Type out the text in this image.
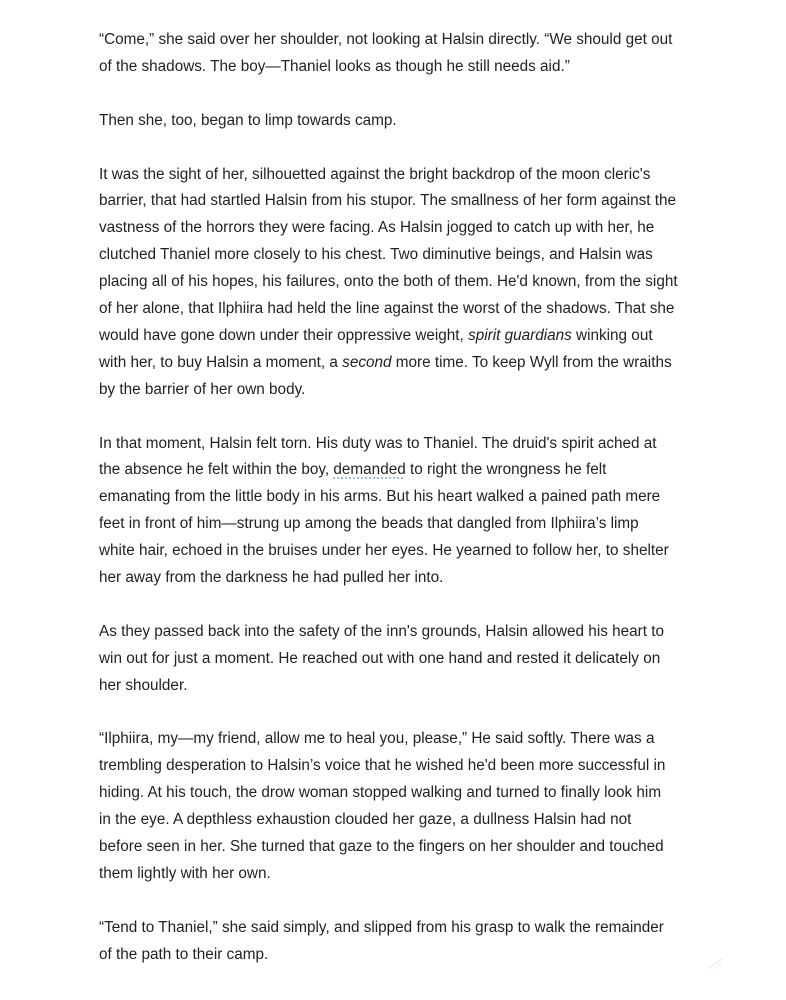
“Come,” she said over her shoulder, not looking at Halsin directly. “We should get out
of the shadows. The boy—Thaniel looks as though he still needs aid.”

Then she, too, began to limp towards camp.

It was the sight of her, silhouetted against the bright backdrop of the moon cleric's
barrier, that had startled Halsin from his stupor. The smallness of her form against the
vastness of the horrors they were facing. As Halsin jogged to catch up with her, he
clutched Thaniel more closely to his chest. Two diminutive beings, and Halsin was
placing all of his hopes, his failures, onto the both of them. He'd known, from the sight
of her alone, that Ilphiira had held the line against the worst of the shadows. That she
would have gone down under their oppressive weight, spirit guardians winking out
with her, to buy Halsin a moment, a second more time. To keep Wyll from the wraiths
by the barrier of her own body.

In that moment, Halsin felt torn. His duty was to Thaniel. The druid's spirit ached at
the absence he felt within the boy, demanded to right the wrongness he felt
emanating from the little body in his arms. But his heart walked a pained path mere
feet in front of him—strung up among the beads that dangled from Ilphiira’s limp
white hair, echoed in the bruises under her eyes. He yearned to follow her, to shelter
her away from the darkness he had pulled her into.

As they passed back into the safety of the inn's grounds, Halsin allowed his heart to
win out for just a moment. He reached out with one hand and rested it delicately on
her shoulder.

“Ilphiira, my—my friend, allow me to heal you, please,” He said softly. There was a
trembling desperation to Halsin’s voice that he wished he'd been more successful in
hiding. At his touch, the drow woman stopped walking and turned to finally look him
in the eye. A depthless exhaustion clouded her gaze, a dullness Halsin had not
before seen in her. She turned that gaze to the fingers on her shoulder and touched
them lightly with her own.

“Tend to Thaniel,” she said simply, and slipped from his grasp to walk the remainder
of the path to their camp.
